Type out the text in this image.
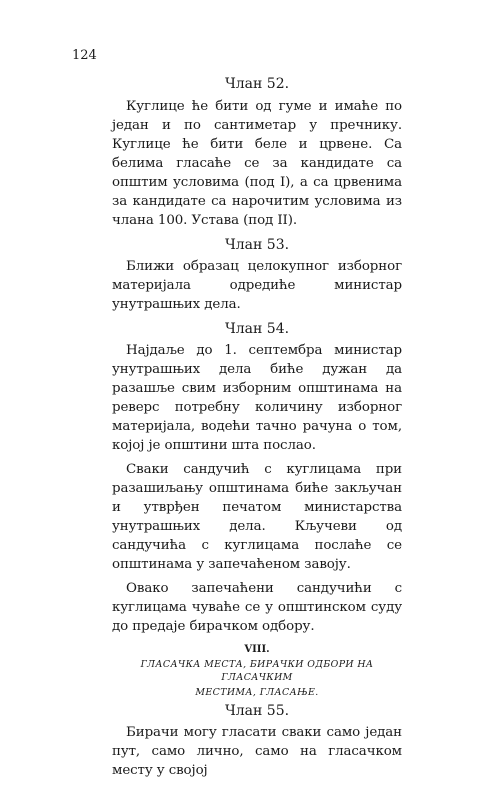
124
Члан 52.

Куглице ће бити од гуме и имаће по један и по сантиметар у пречнику. Куглице ће бити беле и црвене. Са белима гласаће се за кандидате са општим условима (под I), а са црвенима за кандидате са нарочитим условима из члана 100. Устава (под II).

Члан 53.

Ближи образац целокупног изборног материјала одредиће министар унутрашњих дела.

Члан 54.

Најдаље до 1. септембра министар унутрашњих дела биће дужан да разашље свим изборним општинама на реверс потребну количину изборног материјала, водећи тачно рачуна о том, којој је општини шта послао.

Сваки сандучић с куглицама при разашиљању општинама биће закључан и утврђен печатом министарства унутрашњих дела. Кључеви од сандучића с куглицама послаће се општинама у запечаћеном завоју.

Овако запечаћени сандучићи с куглицама чуваће се у општинском суду до предаје бирачком одбору.

VIII.
ГЛАСАЧКА МЕСТА, БИРАЧКИ ОДБОРИ НА ГЛАСАЧКИМ
МЕСТИМА, ГЛАСАЊЕ.
Члан 55.

Бирачи могу гласати сваки само један пут, само лично, само на гласачком месту у својој
